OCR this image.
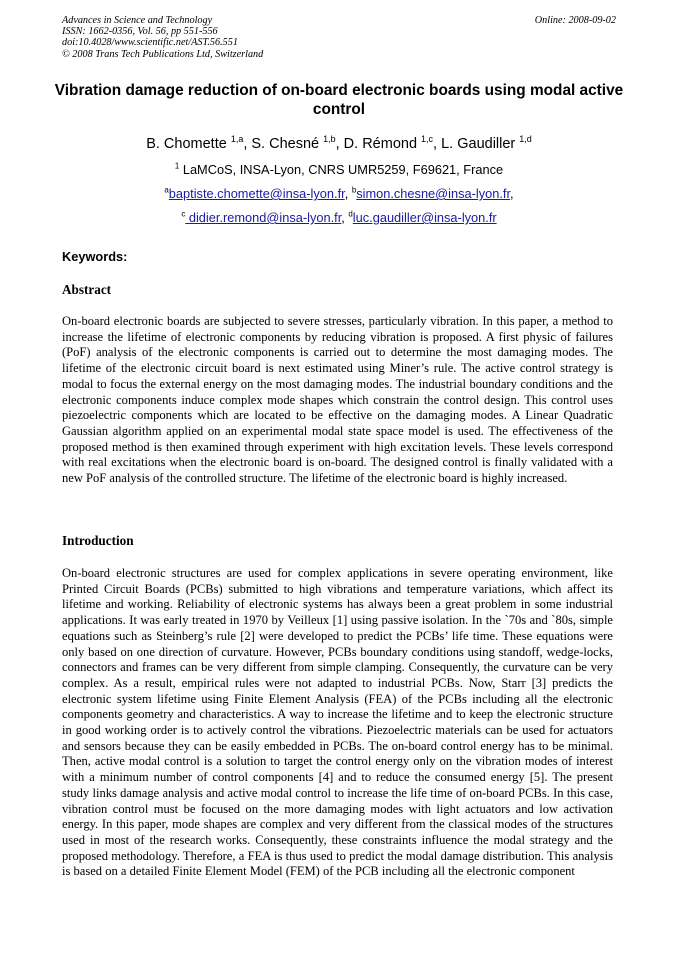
Advances in Science and Technology
ISSN: 1662-0356, Vol. 56, pp 551-556
doi:10.4028/www.scientific.net/AST.56.551
© 2008 Trans Tech Publications Ltd, Switzerland
Online: 2008-09-02
Vibration damage reduction of on-board electronic boards using modal active control
B. Chomette $^{1,a}$, S. Chesné $^{1,b}$, D. Rémond $^{1,c}$, L. Gaudiller $^{1,d}$
$^1$ LaMCoS, INSA-Lyon, CNRS UMR5259, F69621, France
$^a$baptiste.chomette@insa-lyon.fr, $^b$simon.chesne@insa-lyon.fr,
$^c$ didier.remond@insa-lyon.fr, $^d$luc.gaudiller@insa-lyon.fr
Keywords:
Abstract

On-board electronic boards are subjected to severe stresses, particularly vibration. In this paper, a method to increase the lifetime of electronic components by reducing vibration is proposed. A first physic of failures (PoF) analysis of the electronic components is carried out to determine the most damaging modes. The lifetime of the electronic circuit board is next estimated using Miner’s rule. The active control strategy is modal to focus the external energy on the most damaging modes. The industrial boundary conditions and the electronic components induce complex mode shapes which constrain the control design. This control uses piezoelectric components which are located to be effective on the damaging modes. A Linear Quadratic Gaussian algorithm applied on an experimental modal state space model is used. The effectiveness of the proposed method is then examined through experiment with high excitation levels. These levels correspond with real excitations when the electronic board is on-board. The designed control is finally validated with a new PoF analysis of the controlled structure. The lifetime of the electronic board is highly increased.

Introduction

On-board electronic structures are used for complex applications in severe operating environment, like Printed Circuit Boards (PCBs) submitted to high vibrations and temperature variations, which affect its lifetime and working. Reliability of electronic systems has always been a great problem in some industrial applications. It was early treated in 1970 by Veilleux [1] using passive isolation. In the `70s and `80s, simple equations such as Steinberg’s rule [2] were developed to predict the PCBs’ life time. These equations were only based on one direction of curvature. However, PCBs boundary conditions using standoff, wedge-locks, connectors and frames can be very different from simple clamping. Consequently, the curvature can be very complex. As a result, empirical rules were not adapted to industrial PCBs. Now, Starr [3] predicts the electronic system lifetime using Finite Element Analysis (FEA) of the PCBs including all the electronic components geometry and characteristics. A way to increase the lifetime and to keep the electronic structure in good working order is to actively control the vibrations. Piezoelectric materials can be used for actuators and sensors because they can be easily embedded in PCBs. The on-board control energy has to be minimal. Then, active modal control is a solution to target the control energy only on the vibration modes of interest with a minimum number of control components [4] and to reduce the consumed energy [5]. The present study links damage analysis and active modal control to increase the life time of on-board PCBs. In this case, vibration control must be focused on the more damaging modes with light actuators and low activation energy. In this paper, mode shapes are complex and very different from the classical modes of the structures used in most of the research works. Consequently, these constraints influence the modal strategy and the proposed methodology. Therefore, a FEA is thus used to predict the modal damage distribution. This analysis is based on a detailed Finite Element Model (FEM) of the PCB including all the electronic component
